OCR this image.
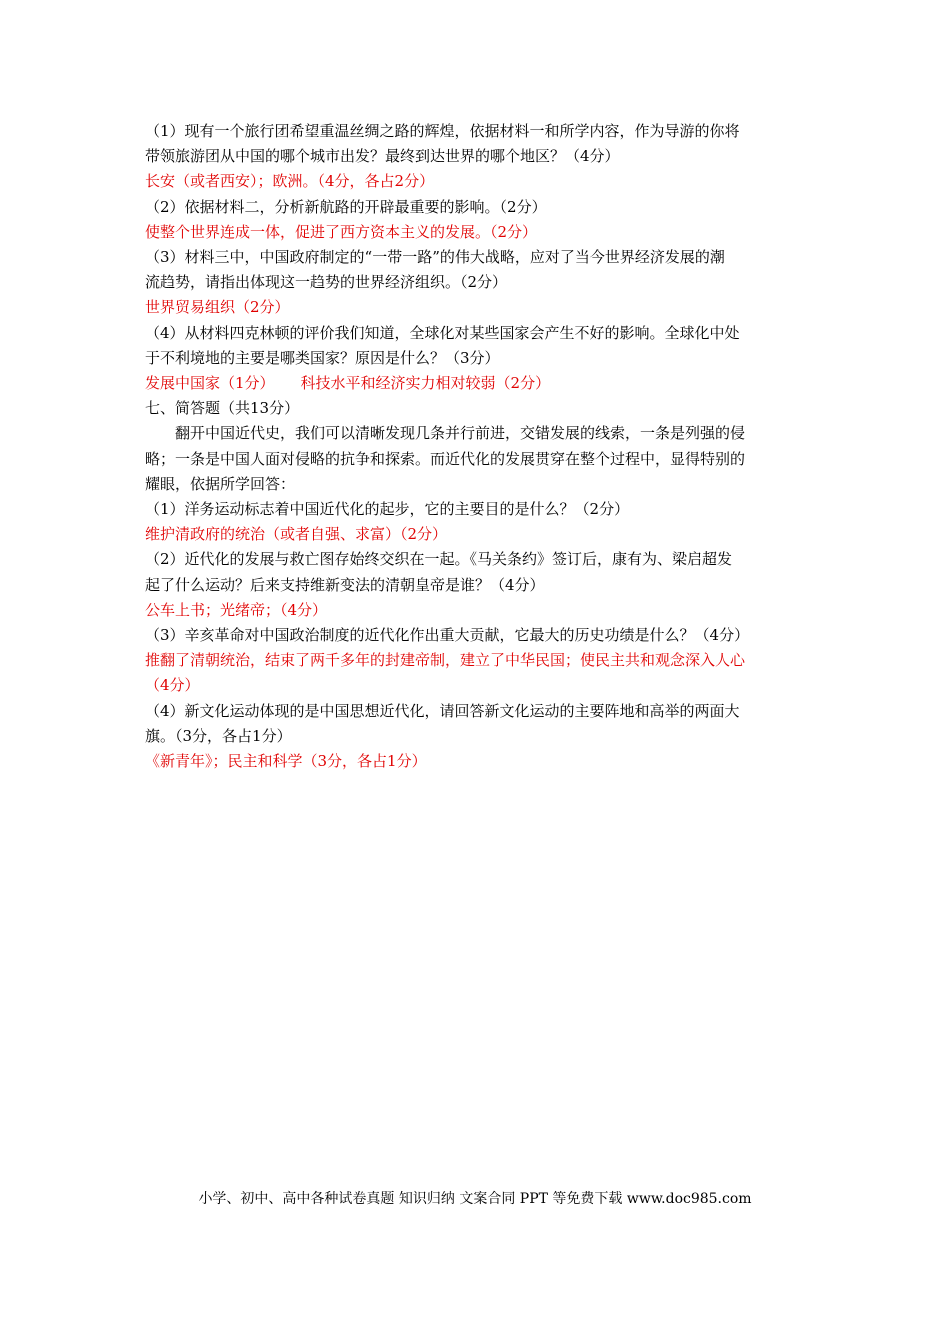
（1）现有一个旅行团希望重温丝绸之路的辉煌，依据材料一和所学内容，作为导游的你将

带领旅游团从中国的哪个城市出发？最终到达世界的哪个地区？（4分）

长安（或者西安）；欧洲。（4分，各占2分）

（2）依据材料二，分析新航路的开辟最重要的影响。（2分）

使整个世界连成一体，促进了西方资本主义的发展。（2分）

（3）材料三中，中国政府制定的“一带一路”的伟大战略，应对了当今世界经济发展的潮

流趋势，请指出体现这一趋势的世界经济组织。（2分）

世界贸易组织（2分）

（4）从材料四克林顿的评价我们知道，全球化对某些国家会产生不好的影响。全球化中处

于不利境地的主要是哪类国家？原因是什么？（3分）

发展中国家（1分） 科技水平和经济实力相对较弱（2分）

七、简答题（共13分）

翻开中国近代史，我们可以清晰发现几条并行前进，交错发展的线索，一条是列强的侵

略；一条是中国人面对侵略的抗争和探索。而近代化的发展贯穿在整个过程中，显得特别的

耀眼，依据所学回答：

（1）洋务运动标志着中国近代化的起步，它的主要目的是什么？（2分）

维护清政府的统治（或者自强、求富）（2分）

（2）近代化的发展与救亡图存始终交织在一起。《马关条约》签订后，康有为、梁启超发

起了什么运动？后来支持维新变法的清朝皇帝是谁？（4分）

公车上书；光绪帝；（4分）

（3）辛亥革命对中国政治制度的近代化作出重大贡献，它最大的历史功绩是什么？（4分）

推翻了清朝统治，结束了两千多年的封建帝制，建立了中华民国；使民主共和观念深入人心

（4分）

（4）新文化运动体现的是中国思想近代化，请回答新文化运动的主要阵地和高举的两面大

旗。（3分，各占1分）

《新青年》；民主和科学（3分，各占1分）

小学、初中、高中各种试卷真题 知识归纳 文案合同 PPT 等免费下载 www.doc985.com
